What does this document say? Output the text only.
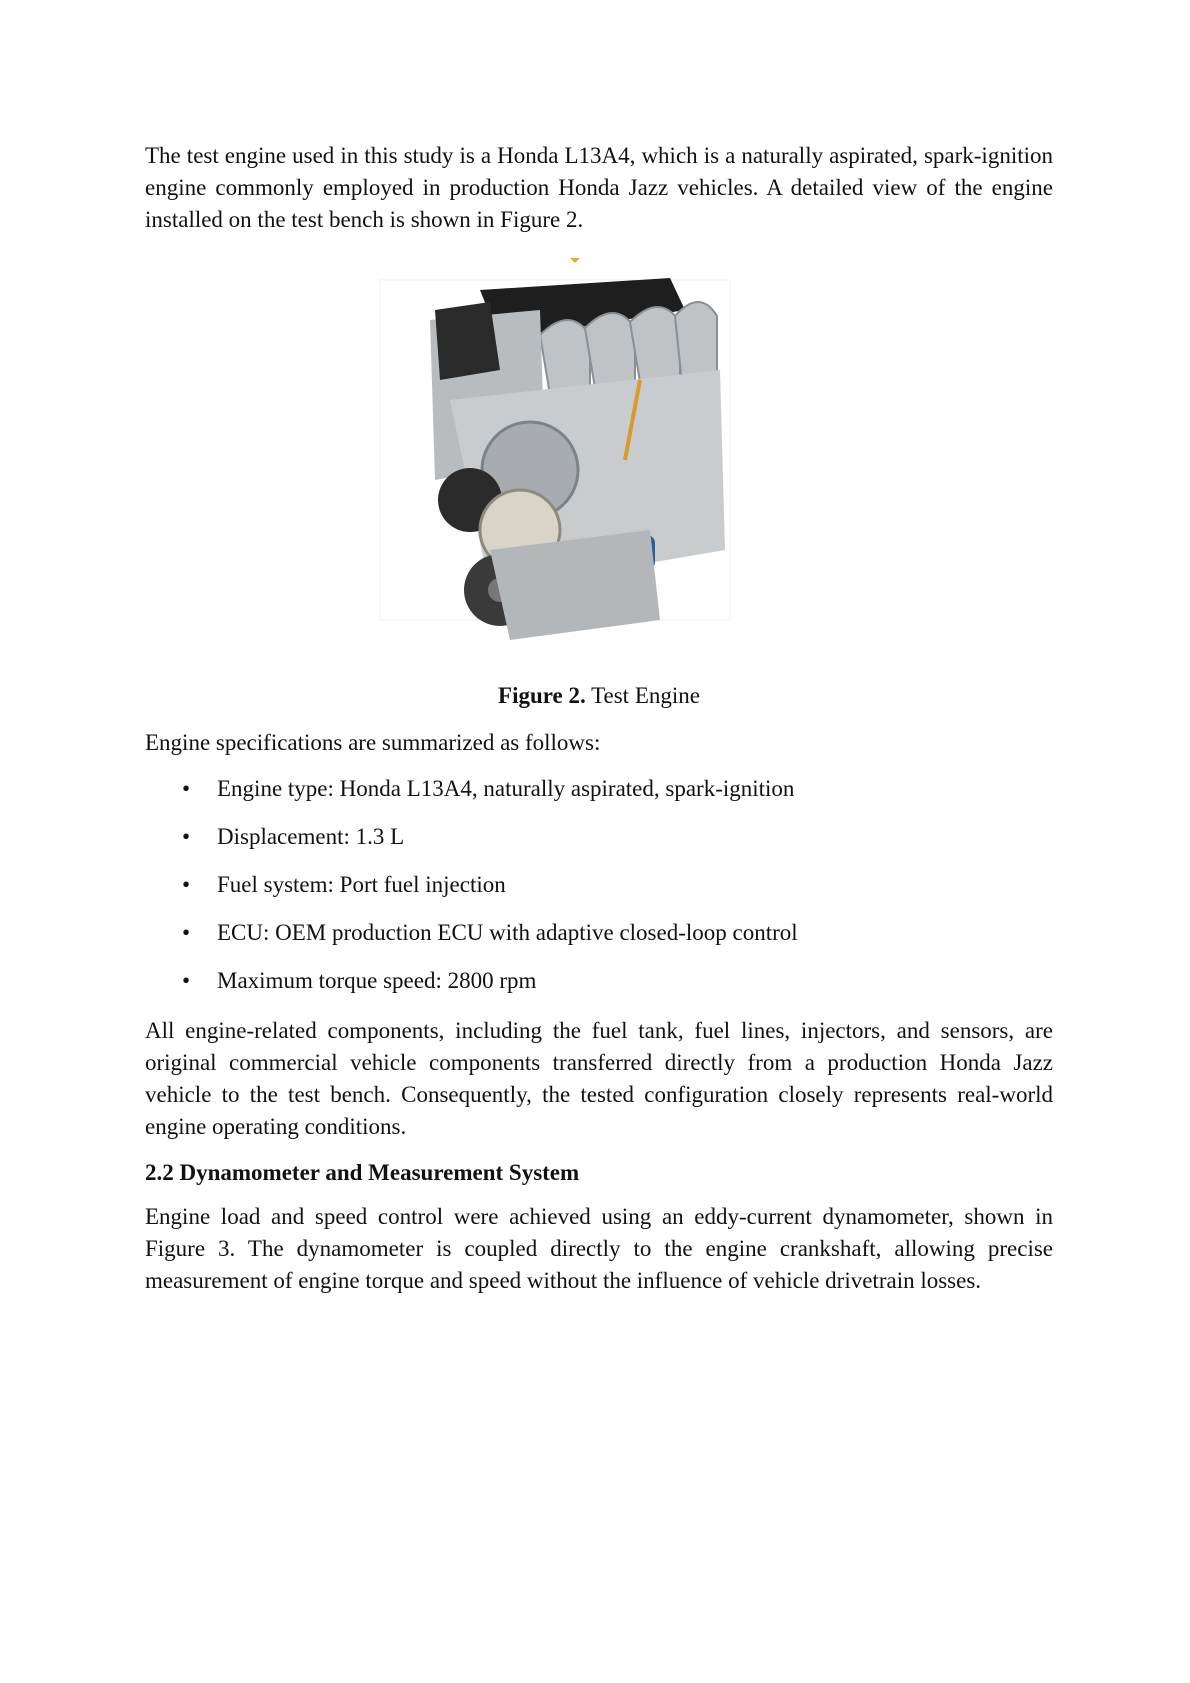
The test engine used in this study is a Honda L13A4, which is a naturally aspirated, spark-ignition engine commonly employed in production Honda Jazz vehicles. A detailed view of the engine installed on the test bench is shown in Figure 2.

Figure 2. Test Engine

Engine specifications are summarized as follows:

• Engine type: Honda L13A4, naturally aspirated, spark-ignition
• Displacement: 1.3 L
• Fuel system: Port fuel injection
• ECU: OEM production ECU with adaptive closed-loop control
• Maximum torque speed: 2800 rpm

All engine-related components, including the fuel tank, fuel lines, injectors, and sensors, are original commercial vehicle components transferred directly from a production Honda Jazz vehicle to the test bench. Consequently, the tested configuration closely represents real-world engine operating conditions.

2.2 Dynamometer and Measurement System

Engine load and speed control were achieved using an eddy-current dynamometer, shown in Figure 3. The dynamometer is coupled directly to the engine crankshaft, allowing precise measurement of engine torque and speed without the influence of vehicle drivetrain losses.
